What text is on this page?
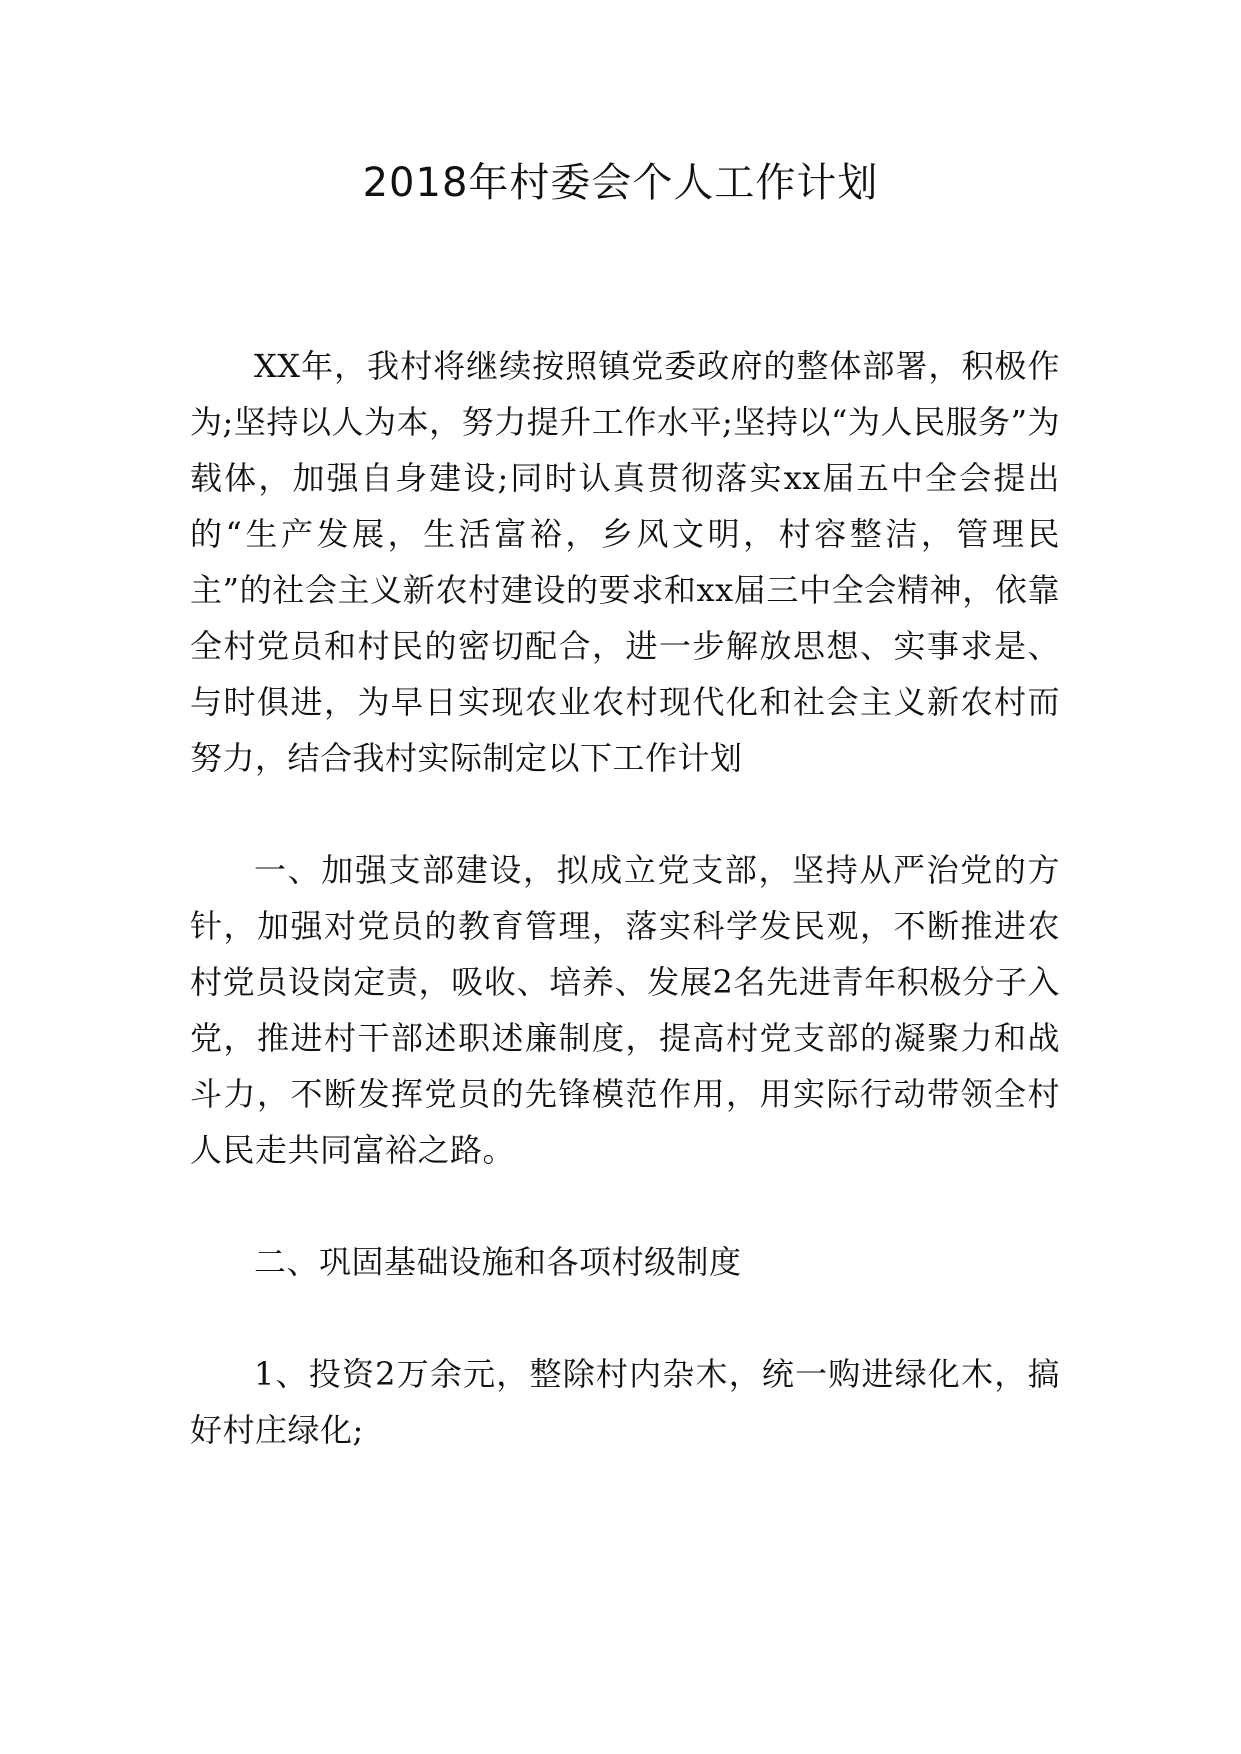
2018年村委会个人工作计划

XX年，我村将继续按照镇党委政府的整体部署，积极作为;坚持以人为本，努力提升工作水平;坚持以“为人民服务”为载体，加强自身建设;同时认真贯彻落实xx届五中全会提出的“生产发展，生活富裕，乡风文明，村容整洁，管理民主”的社会主义新农村建设的要求和xx届三中全会精神，依靠全村党员和村民的密切配合，进一步解放思想、实事求是、与时俱进，为早日实现农业农村现代化和社会主义新农村而努力，结合我村实际制定以下工作计划

一、加强支部建设，拟成立党支部，坚持从严治党的方针，加强对党员的教育管理，落实科学发民观，不断推进农村党员设岗定责，吸收、培养、发展2名先进青年积极分子入党，推进村干部述职述廉制度，提高村党支部的凝聚力和战斗力，不断发挥党员的先锋模范作用，用实际行动带领全村人民走共同富裕之路。

二、巩固基础设施和各项村级制度

1、投资2万余元，整除村内杂木，统一购进绿化木，搞好村庄绿化;
